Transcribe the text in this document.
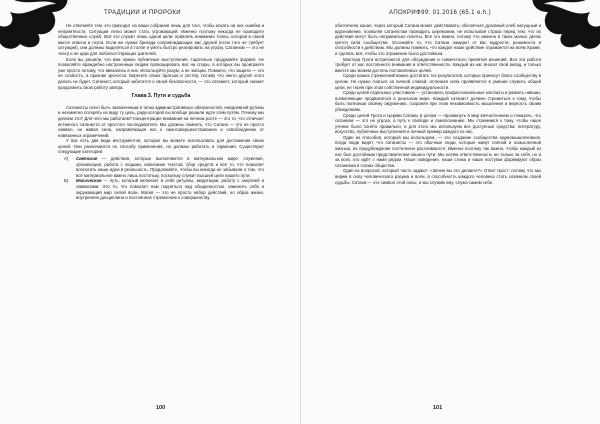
ТРАДИЦИИ И ПРОРОКИ

Не отвечайте тем, кто приходит на ваши собрания лишь для того, чтобы искать на них ошибки и неприятности. Ситуации легко может стать угрожающей. Именно поэтому никогда не проводите общественных служб. Всё это служит лишь одной цели: привлечь внимание толпы, которая в своей массе опасна и глупа. Если же нужна бригада сопровождающих вас друзей (если того не требует ситуация), они должны выделяться в толпе и уметь быстро реагировать на угрозу. Сатанизм — это не театр и не цирк для любопытствующих зрителей.

Если вы решили, что вам нужны публичные выступления, тщательно продумайте формат. Не позволяйте враждебно настроенным людям провоцировать вас на споры, в которых вы проиграете уже просто потому, что ввязались в них. Используйте разум, а не эмоции. Помните, что защита — это не слабость, а признак зрелости. Берегите своих братьев и сестёр, потому что никто другой этого делать не будет. Сатанист, который заботится о своей безопасности, — это сатанист, который сможет продолжить свою работу завтра.

Глава 3. Пути и судьба

Сатанисты легко быть захваченным в тиски административных обязанностей, ежедневной рутины и незаметно потерять из виду ту цель, ради которой вы вообще решили идти этим путём. Почему мы делаем это? Для чего мы работаем? Концентрация внимания на личном росте — это то, что отличает истинного сатаниста от простого последователя. Мы должны помнить, что Сатана — это не просто символ, но живая сила, направляющая нас к самосовершенствованию и освобождению от навязанных ограничений.

У вас есть два вида инструментов, которые вы можете использовать для достижения своих целей. Они различаются по способу применения, но должны работать в гармонии. Существуют следующие категории:

А)	Светские — действия, которые выполняются в материальном мире: служение, организация, работа с людьми, написание текстов, сбор средств и всё то, что помогает воплотить наши идеи в реальность. Продолжайте, чтобы вы никогда не забывали о том, что всё материальное важно лишь постольку, поскольку служит высшей цели нашего пути.
Б)	Магические — путь, который включает в себя ритуалы, медитации, работу с энергией и символами. Это то, что помогает нам подняться над обыденностью, изменить себя и окружающий мир силой воли. Магия — это не просто набор действий, но образ жизни, внутренняя дисциплина и постоянное стремление к совершенству.
100
АПОКРИФ99: 01.2016 (65.1 e.h.)

обеспечили канал, через который Сатана может действовать; обеспечьте духовный хлеб насущный и вдохновение, позволяя сатанистам проводить церемонии, не испытывая страха перед тем, что их действия могут быть неправильно поняты. Всё это важно, потому что именно в таких малых делах куется сила сообщества. Осознайте то, что Сатана ожидает от вас мудрости, решимости и способности к действию. Мы должны помнить, что каждое наше действие отражается на всём Храме, и сделать всё, чтобы это отражение было достойным.

Мастера Грота встречаются для обсуждения и совместного принятия решений. Вся эта работа требует от нас постоянного внимания и ответственности. Каждый из нас вносит свой вклад, и только вместе мы можем достичь поставленных целей.

Среди наших стремлений важно достигать тех результатов, которые принесут благо сообществу в целом. Не нужно гнаться за личной славой; истинная сила проявляется в умении служить общей цели, не теряя при этом собственной индивидуальности.

Среди целей отдельных участников — установить профессиональные контакты и развить навыки, позволяющие продвигаться в реальном мире. Каждый сатанист должен стремиться к тому, чтобы быть полезным своему окружению, сохраняя при этом независимость мышления и верность своим убеждениям.

Среди целей Грота и Церкви Сатаны в целом — проникнуть в мир впечатлением и показать, что сатанизм — это не угроза, а путь к свободе и самопознанию. Мы стремимся к тому, чтобы наше учение было понято правильно, и для этого мы используем все доступные средства: литературу, искусство, публичные выступления и личный пример каждого из нас.

Один из способов, который мы используем, — это создание сообщества единомышленников. Когда люди видят, что сатанисты — это обычные люди, которые живут полной и осмысленной жизнью, их предубеждения постепенно рассеиваются. Именно поэтому так важно, чтобы каждый из нас был достойным представителем нашего пути. Мы несём ответственность не только за себя, но и за всех, кто идёт с нами рядом. Наше поведение, наши слова и наши поступки формируют образ сатанизма в глазах общества.

Один из вопросов, который часто задают: «Зачем вы это делаете?» Ответ прост: потому что мы верим в силу человеческого разума и воли, в способность каждого человека стать хозяином своей судьбы. Сатана — это символ этой силы, и мы служим ему, служа самим себе.

101
